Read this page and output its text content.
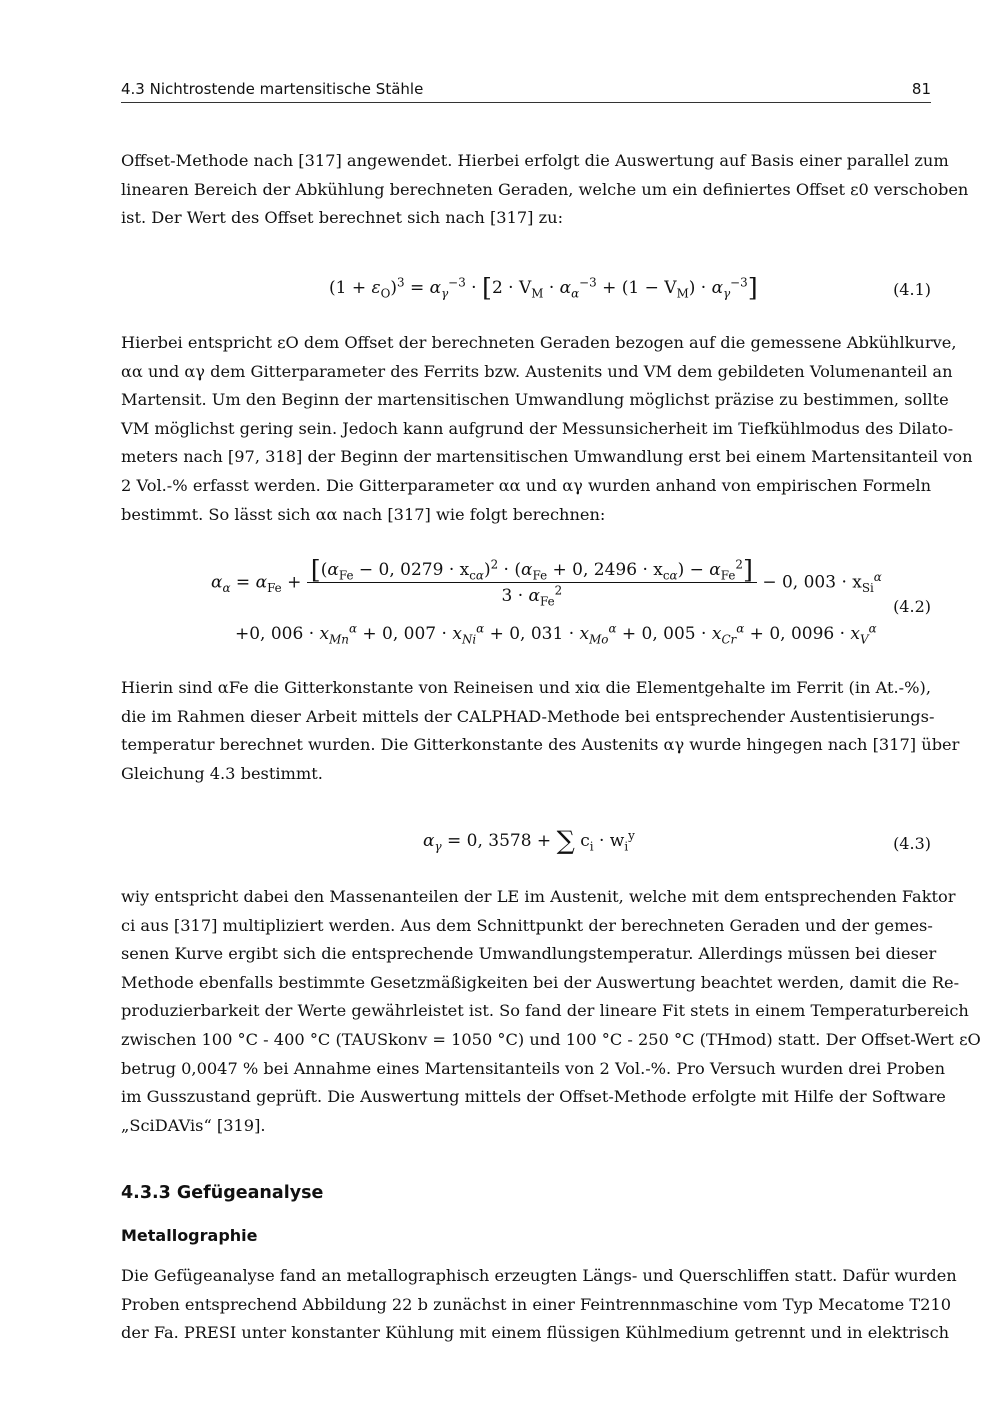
4.3 Nichtrostende martensitische Stähle	81
Offset-Methode nach [317] angewendet. Hierbei erfolgt die Auswertung auf Basis einer parallel zum
linearen Bereich der Abkühlung berechneten Geraden, welche um ein definiertes Offset ε0 verschoben
ist. Der Wert des Offset berechnet sich nach [317] zu:
$(1 + \varepsilon_O)^3 = \alpha_\gamma^{-3} \cdot [2 \cdot V_M \cdot \alpha_\alpha^{-3} + (1 - V_M) \cdot \alpha_\gamma^{-3}]$	(4.1)
Hierbei entspricht εO dem Offset der berechneten Geraden bezogen auf die gemessene Abkühlkurve,
αα und αγ dem Gitterparameter des Ferrits bzw. Austenits und VM dem gebildeten Volumenanteil an
Martensit. Um den Beginn der martensitischen Umwandlung möglichst präzise zu bestimmen, sollte
VM möglichst gering sein. Jedoch kann aufgrund der Messunsicherheit im Tiefkühlmodus des Dilato-
meters nach [97, 318] der Beginn der martensitischen Umwandlung erst bei einem Martensitanteil von
2 Vol.-% erfasst werden. Die Gitterparameter αα und αγ wurden anhand von empirischen Formeln
bestimmt. So lässt sich αα nach [317] wie folgt berechnen:
$\alpha_\alpha = \alpha_{Fe} + \frac{[(\alpha_{Fe} - 0, 0279 \cdot x_{c\alpha})^2 \cdot (\alpha_{Fe} + 0, 2496 \cdot x_{c\alpha}) - \alpha_{Fe}^2]}{3 \cdot \alpha_{Fe}^2} - 0$, $003 \cdot x_{Si}^\alpha$
+0, $006 \cdot x_{Mn}^\alpha + 0$, $007 \cdot x_{Ni}^\alpha + 0$, $031 \cdot x_{Mo}^\alpha + 0$, $005 \cdot x_{Cr}^\alpha + 0$, $0096 \cdot x_V^\alpha$
(4.2)
Hierin sind αFe die Gitterkonstante von Reineisen und xiα die Elementgehalte im Ferrit (in At.-%),
die im Rahmen dieser Arbeit mittels der CALPHAD-Methode bei entsprechender Austentisierungs-
temperatur berechnet wurden. Die Gitterkonstante des Austenits αγ wurde hingegen nach [317] über
Gleichung 4.3 bestimmt.
$\alpha_\gamma = 0$, 3578 + ∑ $c_i \cdot w_i^y$	(4.3)
wiy entspricht dabei den Massenanteilen der LE im Austenit, welche mit dem entsprechenden Faktor
ci aus [317] multipliziert werden. Aus dem Schnittpunkt der berechneten Geraden und der gemes-
senen Kurve ergibt sich die entsprechende Umwandlungstemperatur. Allerdings müssen bei dieser
Methode ebenfalls bestimmte Gesetzmäßigkeiten bei der Auswertung beachtet werden, damit die Re-
produzierbarkeit der Werte gewährleistet ist. So fand der lineare Fit stets in einem Temperaturbereich
zwischen 100 °C - 400 °C (TAUSkonv = 1050 °C) und 100 °C - 250 °C (THmod) statt. Der Offset-Wert εO
betrug 0,0047 % bei Annahme eines Martensitanteils von 2 Vol.-%. Pro Versuch wurden drei Proben
im Gusszustand geprüft. Die Auswertung mittels der Offset-Methode erfolgte mit Hilfe der Software
„SciDAVis“ [319].
4.3.3 Gefügeanalyse
Metallographie
Die Gefügeanalyse fand an metallographisch erzeugten Längs- und Querschliffen statt. Dafür wurden
Proben entsprechend Abbildung 22 b zunächst in einer Feintrennmaschine vom Typ Mecatome T210
der Fa. PRESI unter konstanter Kühlung mit einem flüssigen Kühlmedium getrennt und in elektrisch
